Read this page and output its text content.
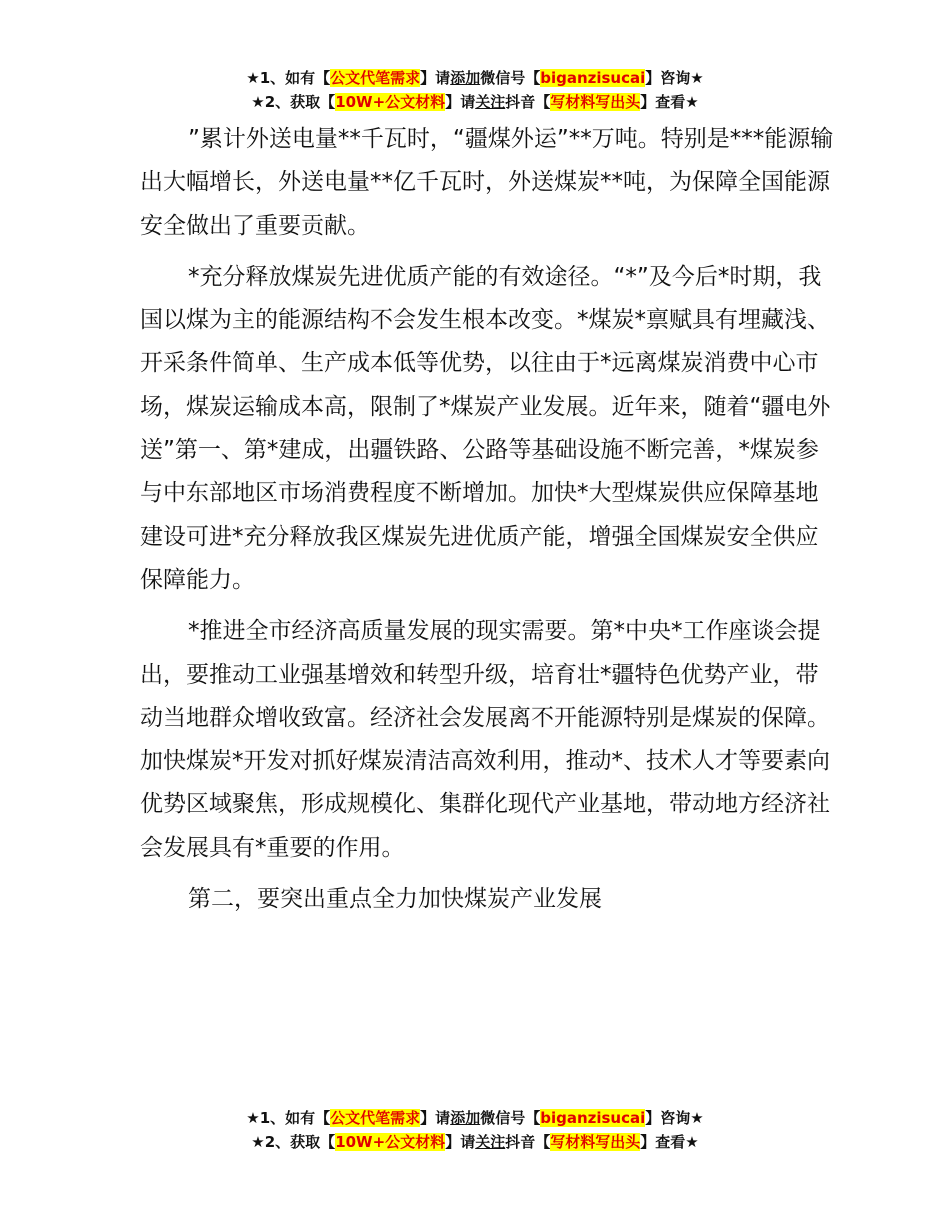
★1、如有【公文代笔需求】请添加微信号【biganzisucai】咨询★
★2、获取【10W+公文材料】请关注抖音【写材料写出头】查看★

”累计外送电量**千瓦时，“疆煤外运”**万吨。特别是***能源输出大幅增长，外送电量**亿千瓦时，外送煤炭**吨，为保障全国能源安全做出了重要贡献。

*充分释放煤炭先进优质产能的有效途径。“*”及今后*时期，我国以煤为主的能源结构不会发生根本改变。*煤炭*禀赋具有埋藏浅、开采条件简单、生产成本低等优势，以往由于*远离煤炭消费中心市场，煤炭运输成本高，限制了*煤炭产业发展。近年来，随着“疆电外送”第一、第*建成，出疆铁路、公路等基础设施不断完善，*煤炭参与中东部地区市场消费程度不断增加。加快*大型煤炭供应保障基地建设可进*充分释放我区煤炭先进优质产能，增强全国煤炭安全供应保障能力。

*推进全市经济高质量发展的现实需要。第*中央*工作座谈会提出，要推动工业强基增效和转型升级，培育壮*疆特色优势产业，带动当地群众增收致富。经济社会发展离不开能源特别是煤炭的保障。加快煤炭*开发对抓好煤炭清洁高效利用，推动*、技术人才等要素向优势区域聚焦，形成规模化、集群化现代产业基地，带动地方经济社会发展具有*重要的作用。

第二，要突出重点全力加快煤炭产业发展

★1、如有【公文代笔需求】请添加微信号【biganzisucai】咨询★
★2、获取【10W+公文材料】请关注抖音【写材料写出头】查看★
